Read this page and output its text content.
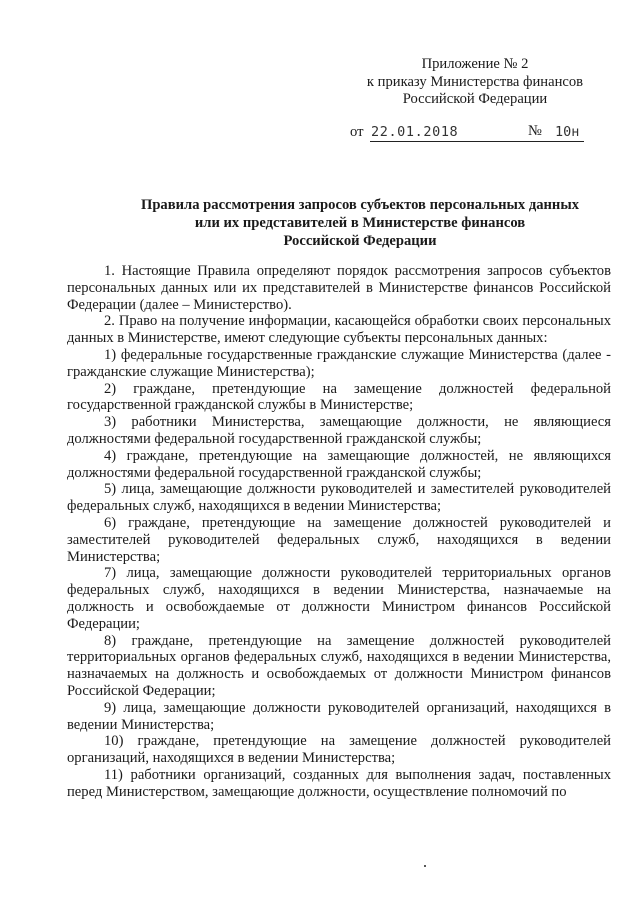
Приложение № 2
к приказу Министерства финансов
Российской Федерации
от 22.01.2018	№ 10н
Правила рассмотрения запросов субъектов персональных данных
или их представителей в Министерстве финансов
Российской Федерации

1. Настоящие Правила определяют порядок рассмотрения запросов субъектов персональных данных или их представителей в Министерстве финансов Российской Федерации (далее – Министерство).

2. Право на получение информации, касающейся обработки своих персональных данных в Министерстве, имеют следующие субъекты персональных данных:

1) федеральные государственные гражданские служащие Министерства (далее - гражданские служащие Министерства);

2) граждане, претендующие на замещение должностей федеральной государственной гражданской службы в Министерстве;

3) работники Министерства, замещающие должности, не являющиеся должностями федеральной государственной гражданской службы;

4) граждане, претендующие на замещающие должностей, не являющихся должностями федеральной государственной гражданской службы;

5) лица, замещающие должности руководителей и заместителей руководителей федеральных служб, находящихся в ведении Министерства;

6) граждане, претендующие на замещение должностей руководителей и заместителей руководителей федеральных служб, находящихся в ведении Министерства;

7) лица, замещающие должности руководителей территориальных органов федеральных служб, находящихся в ведении Министерства, назначаемые на должность и освобождаемые от должности Министром финансов Российской Федерации;

8) граждане, претендующие на замещение должностей руководителей территориальных органов федеральных служб, находящихся в ведении Министерства, назначаемых на должность и освобождаемых от должности Министром финансов Российской Федерации;

9) лица, замещающие должности руководителей организаций, находящихся в ведении Министерства;

10) граждане, претендующие на замещение должностей руководителей организаций, находящихся в ведении Министерства;

11) работники организаций, созданных для выполнения задач, поставленных перед Министерством, замещающие должности, осуществление полномочий по
